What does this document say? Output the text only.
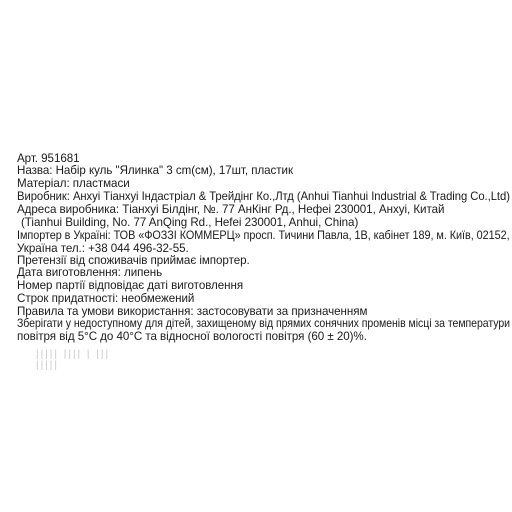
Арт. 951681
Назва: Набір куль "Ялинка" 3 cm(см), 17шт, пластик
Матеріал: пластмаси
Виробник: Анхуі Тіанхуі Індастріал & Трейдінг Ко.,Лтд (Anhui Tianhui Industrial & Trading Co.,Ltd)
Адреса виробника: Тіанхуі Білдінг, №. 77 АнКінг Рд., Нефеі 230001, Анхуі, Китай
(Tianhui Building, No. 77 AnQing Rd., Hefei 230001, Anhui, China)
Імпортер в Україні: ТОВ «ФОЗЗІ КОММЕРЦ» просп. Тичини Павла, 1В, кабінет 189, м. Київ, 02152,
Україна тел.: +38 044 496-32-55.
Претензії від споживачів приймає імпортер.
Дата виготовлення: липень
Номер партії відповідає даті виготовлення
Строк придатності: необмежений
Правила та умови використання: застосовувати за призначенням
Зберігати у недоступному для дітей, захищеному від прямих сонячних променів місці за температури
повітря від 5°С до 40°С та відносної вологості повітря (60 ± 20)%.
||||| |||| | ||| |||||
